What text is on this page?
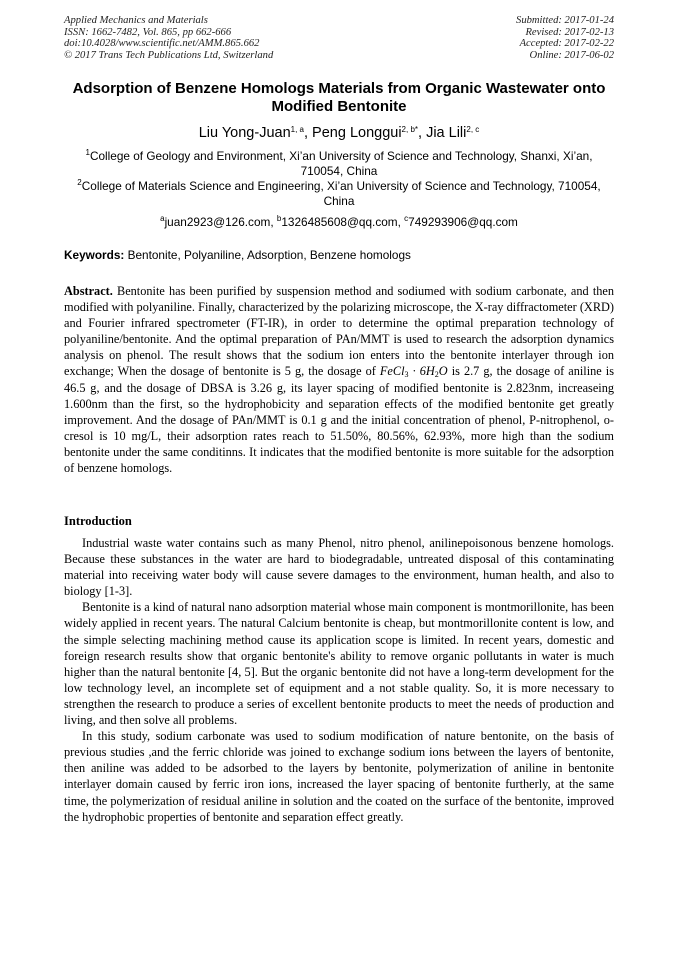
Applied Mechanics and Materials
ISSN: 1662-7482, Vol. 865, pp 662-666
doi:10.4028/www.scientific.net/AMM.865.662
© 2017 Trans Tech Publications Ltd, Switzerland
Submitted: 2017-01-24
Revised: 2017-02-13
Accepted: 2017-02-22
Online: 2017-06-02
Adsorption of Benzene Homologs Materials from Organic Wastewater onto Modified Bentonite
Liu Yong-Juan$^{1, a}$, Peng Longgui$^{2, b*}$, Jia Lili$^{2, c}$
$^1$College of Geology and Environment, Xi’an University of Science and Technology, Shanxi, Xi’an, 710054, China
$^2$College of Materials Science and Engineering, Xi’an University of Science and Technology, 710054, China
$^a$juan2923@126.com, $^b$1326485608@qq.com, $^c$749293906@qq.com
Keywords: Bentonite, Polyaniline, Adsorption, Benzene homologs
Abstract. Bentonite has been purified by suspension method and sodiumed with sodium carbonate, and then modified with polyaniline. Finally, characterized by the polarizing microscope, the X-ray diffractometer (XRD) and Fourier infrared spectrometer (FT-IR), in order to determine the optimal preparation technology of polyaniline/bentonite. And the optimal preparation of PAn/MMT is used to research the adsorption dynamics analysis on phenol. The result shows that the sodium ion enters into the bentonite interlayer through ion exchange; When the dosage of bentonite is 5 g, the dosage of FeCl$_3$ · $6H_2O$ is 2.7 g, the dosage of aniline is 46.5 g, and the dosage of DBSA is 3.26 g, its layer spacing of modified bentonite is 2.823nm, increaseing 1.600nm than the first, so the hydrophobicity and separation effects of the modified bentonite get greatly improvement. And the dosage of PAn/MMT is 0.1 g and the initial concentration of phenol, P-nitrophenol, o-cresol is 10 mg/L, their adsorption rates reach to 51.50%, 80.56%, 62.93%, more high than the sodium bentonite under the same conditinns. It indicates that the modified bentonite is more suitable for the adsorption of benzene homologs.
Introduction

Industrial waste water contains such as many Phenol, nitro phenol, anilinepoisonous benzene homologs. Because these substances in the water are hard to biodegradable, untreated disposal of this contaminating material into receiving water body will cause severe damages to the environment, human health, and also to biology [1-3].

Bentonite is a kind of natural nano adsorption material whose main component is montmorillonite, has been widely applied in recent years. The natural Calcium bentonite is cheap, but montmorillonite content is low, and the simple selecting machining method cause its application scope is limited. In recent years, domestic and foreign research results show that organic bentonite's ability to remove organic pollutants in water is much higher than the natural bentonite [4, 5]. But the organic bentonite did not have a long-term development for the low technology level, an incomplete set of equipment and a not stable quality. So, it is more necessary to strengthen the research to produce a series of excellent bentonite products to meet the needs of production and living, and then solve all problems.

In this study, sodium carbonate was used to sodium modification of nature bentonite, on the basis of previous studies ,and the ferric chloride was joined to exchange sodium ions between the layers of bentonite, then aniline was added to be adsorbed to the layers by bentonite, polymerization of aniline in bentonite interlayer domain caused by ferric iron ions, increased the layer spacing of bentonite furtherly, at the same time, the polymerization of residual aniline in solution and the coated on the surface of the bentonite, improved the hydrophobic properties of bentonite and separation effect greatly.
